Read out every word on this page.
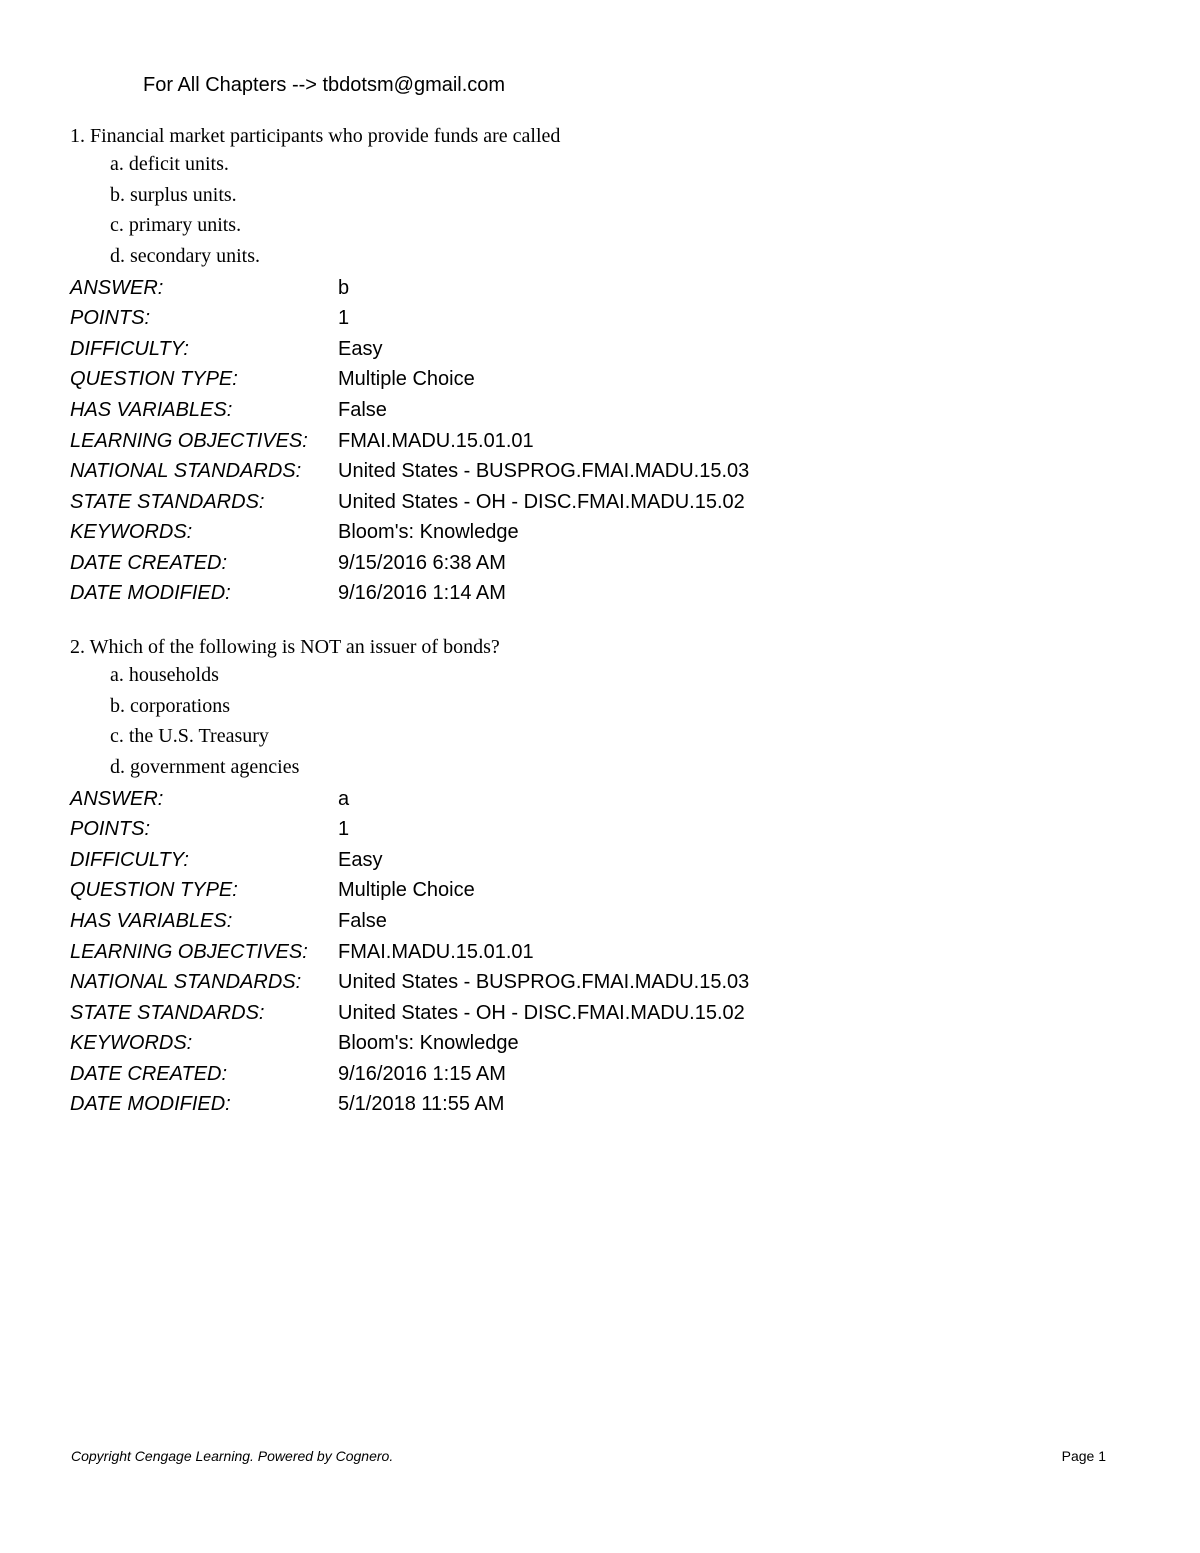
For All Chapters --> tbdotsm@gmail.com
1. Financial market participants who provide funds are called
a. deficit units.
b. surplus units.
c. primary units.
d. secondary units.
ANSWER:	b
POINTS:	1
DIFFICULTY:	Easy
QUESTION TYPE:	Multiple Choice
HAS VARIABLES:	False
LEARNING OBJECTIVES:	FMAI.MADU.15.01.01
NATIONAL STANDARDS:	United States - BUSPROG.FMAI.MADU.15.03
STATE STANDARDS:	United States - OH - DISC.FMAI.MADU.15.02
KEYWORDS:	Bloom's: Knowledge
DATE CREATED:	9/15/2016 6:38 AM
DATE MODIFIED:	9/16/2016 1:14 AM
2. Which of the following is NOT an issuer of bonds?
a. households
b. corporations
c. the U.S. Treasury
d. government agencies
ANSWER:	a
POINTS:	1
DIFFICULTY:	Easy
QUESTION TYPE:	Multiple Choice
HAS VARIABLES:	False
LEARNING OBJECTIVES:	FMAI.MADU.15.01.01
NATIONAL STANDARDS:	United States - BUSPROG.FMAI.MADU.15.03
STATE STANDARDS:	United States - OH - DISC.FMAI.MADU.15.02
KEYWORDS:	Bloom's: Knowledge
DATE CREATED:	9/16/2016 1:15 AM
DATE MODIFIED:	5/1/2018 11:55 AM
Copyright Cengage Learning. Powered by Cognero.	Page 1
